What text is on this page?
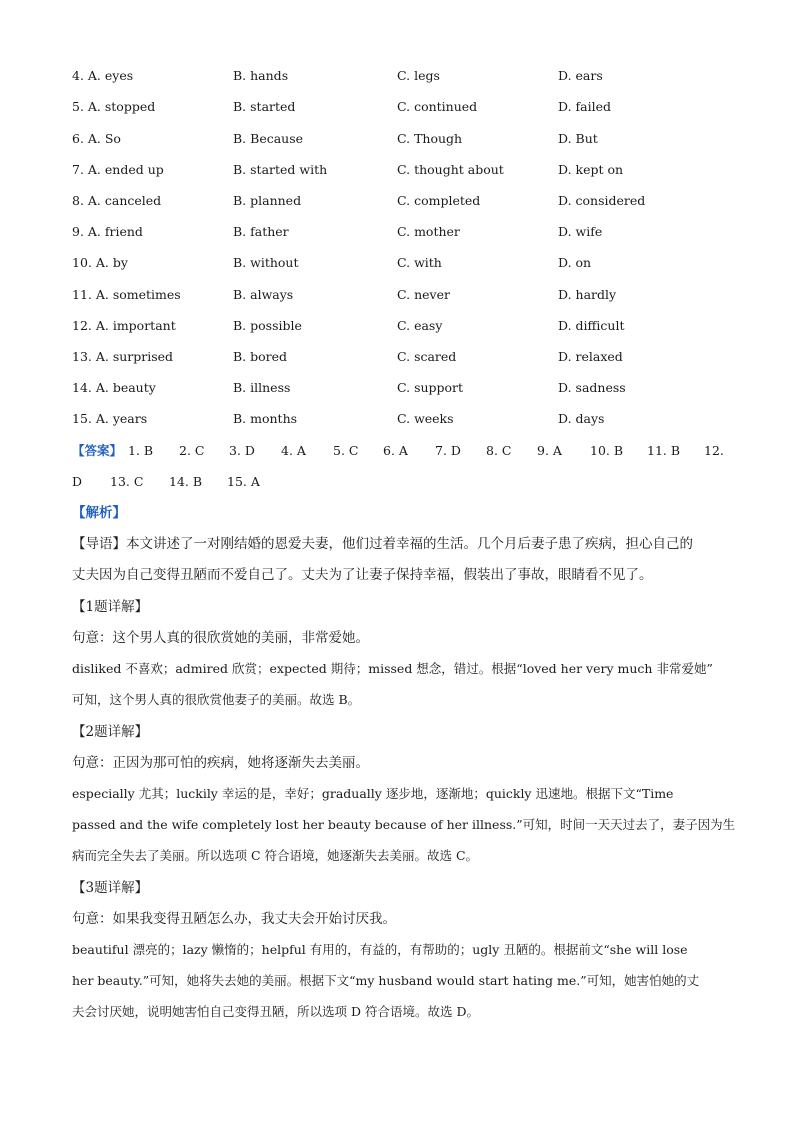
4. A. eyes	B. hands	C. legs	D. ears
5. A. stopped	B. started	C. continued	D. failed
6. A. So	B. Because	C. Though	D. But
7. A. ended up	B. started with	C. thought about	D. kept on
8. A. canceled	B. planned	C. completed	D. considered
9. A. friend	B. father	C. mother	D. wife
10. A. by	B. without	C. with	D. on
11. A. sometimes	B. always	C. never	D. hardly
12. A. important	B. possible	C. easy	D. difficult
13. A. surprised	B. bored	C. scared	D. relaxed
14. A. beauty	B. illness	C. support	D. sadness
15. A. years	B. months	C. weeks	D. days
【答案】 1. B 2. C 3. D 4. A 5. C 6. A 7. D 8. C 9. A 10. B 11. B 12.
D 13. C 14. B 15. A
【解析】
【导语】本文讲述了一对刚结婚的恩爱夫妻，他们过着幸福的生活。几个月后妻子患了疾病，担心自己的
丈夫因为自己变得丑陋而不爱自己了。丈夫为了让妻子保持幸福，假装出了事故，眼睛看不见了。
【1题详解】
句意：这个男人真的很欣赏她的美丽，非常爱她。
disliked 不喜欢；admired 欣赏；expected 期待；missed 想念，错过。根据“loved her very much 非常爱她”
可知，这个男人真的很欣赏他妻子的美丽。故选 B。
【2题详解】
句意：正因为那可怕的疾病，她将逐渐失去美丽。
especially 尤其；luckily 幸运的是，幸好；gradually 逐步地，逐渐地；quickly 迅速地。根据下文“Time
passed and the wife completely lost her beauty because of her illness.”可知，时间一天天过去了，妻子因为生
病而完全失去了美丽。所以选项 C 符合语境，她逐渐失去美丽。故选 C。
【3题详解】
句意：如果我变得丑陋怎么办，我丈夫会开始讨厌我。
beautiful 漂亮的；lazy 懒惰的；helpful 有用的，有益的，有帮助的；ugly 丑陋的。根据前文“she will lose
her beauty.”可知，她将失去她的美丽。根据下文“my husband would start hating me.”可知，她害怕她的丈
夫会讨厌她，说明她害怕自己变得丑陋，所以选项 D 符合语境。故选 D。
